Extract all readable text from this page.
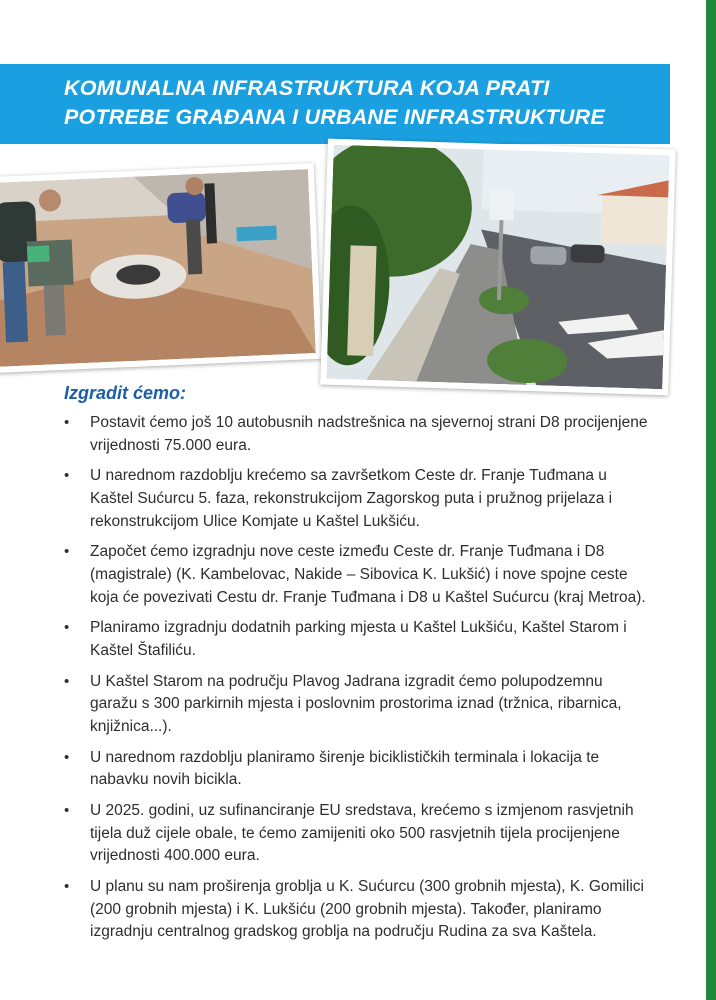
KOMUNALNA INFRASTRUKTURA KOJA PRATI
POTREBE GRAĐANA I URBANE INFRASTRUKTURE
Izgradit ćemo:
•	Postavit ćemo još 10 autobusnih nadstrešnica na sjevernoj strani D8 procijenjene vrijednosti 75.000 eura.
•	U narednom razdoblju krećemo sa završetkom Ceste dr. Franje Tuđmana u Kaštel Sućurcu 5. faza, rekonstrukcijom Zagorskog puta i pružnog prijelaza i rekonstrukcijom Ulice Komjate u Kaštel Lukšiću.
•	Započet ćemo izgradnju nove ceste između Ceste dr. Franje Tuđmana i D8 (magistrale) (K. Kambelovac, Nakide – Sibovica K. Lukšić) i nove spojne ceste koja će povezivati Cestu dr. Franje Tuđmana i D8 u Kaštel Sućurcu (kraj Metroa).
•	Planiramo izgradnju dodatnih parking mjesta u Kaštel Lukšiću, Kaštel Starom i Kaštel Štafiliću.
•	U Kaštel Starom na području Plavog Jadrana izgradit ćemo polupodzemnu garažu s 300 parkirnih mjesta i poslovnim prostorima iznad (tržnica, ribarnica, knjižnica...).
•	U narednom razdoblju planiramo širenje biciklističkih terminala i lokacija te nabavku novih bicikla.
•	U 2025. godini, uz sufinanciranje EU sredstava, krećemo s izmjenom rasvjetnih tijela duž cijele obale, te ćemo zamijeniti oko 500 rasvjetnih tijela procijenjene vrijednosti 400.000 eura.
•	U planu su nam proširenja groblja u K. Sućurcu (300 grobnih mjesta), K. Gomilici (200 grobnih mjesta) i K. Lukšiću (200 grobnih mjesta). Također, planiramo izgradnju centralnog gradskog groblja na području Rudina za sva Kaštela.
